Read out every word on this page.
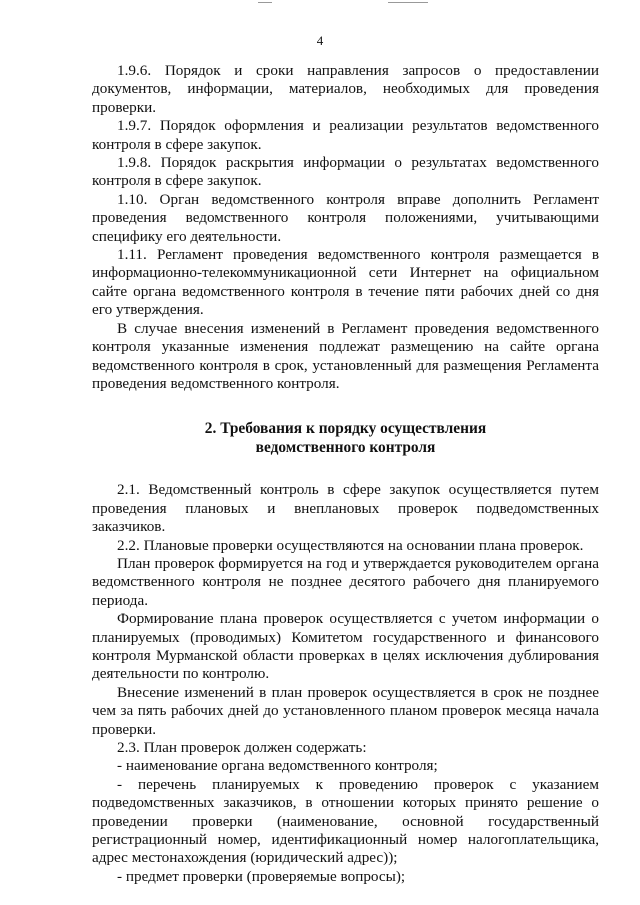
4

1.9.6. Порядок и сроки направления запросов о предоставлении документов, информации, материалов, необходимых для проведения проверки.

1.9.7. Порядок оформления и реализации результатов ведомственного контроля в сфере закупок.

1.9.8. Порядок раскрытия информации о результатах ведомственного контроля в сфере закупок.

1.10. Орган ведомственного контроля вправе дополнить Регламент проведения ведомственного контроля положениями, учитывающими специфику его деятельности.

1.11. Регламент проведения ведомственного контроля размещается в информационно-телекоммуникационной сети Интернет на официальном сайте органа ведомственного контроля в течение пяти рабочих дней со дня его утверждения.

В случае внесения изменений в Регламент проведения ведомственного контроля указанные изменения подлежат размещению на сайте органа ведомственного контроля в срок, установленный для размещения Регламента проведения ведомственного контроля.

2. Требования к порядку осуществления
ведомственного контроля

2.1. Ведомственный контроль в сфере закупок осуществляется путем проведения плановых и внеплановых проверок подведомственных заказчиков.

2.2. Плановые проверки осуществляются на основании плана проверок.

План проверок формируется на год и утверждается руководителем органа ведомственного контроля не позднее десятого рабочего дня планируемого периода.

Формирование плана проверок осуществляется с учетом информации о планируемых (проводимых) Комитетом государственного и финансового контроля Мурманской области проверках в целях исключения дублирования деятельности по контролю.

Внесение изменений в план проверок осуществляется в срок не позднее чем за пять рабочих дней до установленного планом проверок месяца начала проверки.

2.3. План проверок должен содержать:

- наименование органа ведомственного контроля;

- перечень планируемых к проведению проверок с указанием подведомственных заказчиков, в отношении которых принято решение о проведении проверки (наименование, основной государственный регистрационный номер, идентификационный номер налогоплательщика, адрес местонахождения (юридический адрес));

- предмет проверки (проверяемые вопросы);
